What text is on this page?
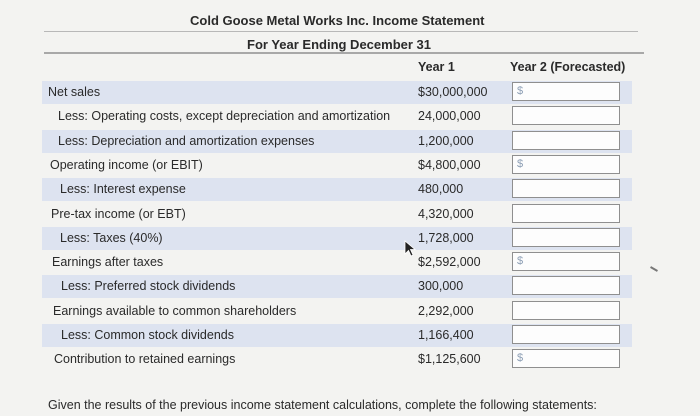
Cold Goose Metal Works Inc. Income Statement
For Year Ending December 31
Year 1	Year 2 (Forecasted)
Net sales	$30,000,000	$
Less: Operating costs, except depreciation and amortization 24,000,000
Less: Depreciation and amortization expenses	1,200,000
Operating income (or EBIT)	$4,800,000	$
Less: Interest expense	480,000
Pre-tax income (or EBT)	4,320,000
Less: Taxes (40%)	1,728,000
Earnings after taxes	$2,592,000	$
Less: Preferred stock dividends	300,000
Earnings available to common shareholders	2,292,000
Less: Common stock dividends	1,166,400
Contribution to retained earnings	$1,125,600	$
Given the results of the previous income statement calculations, complete the following statements:
